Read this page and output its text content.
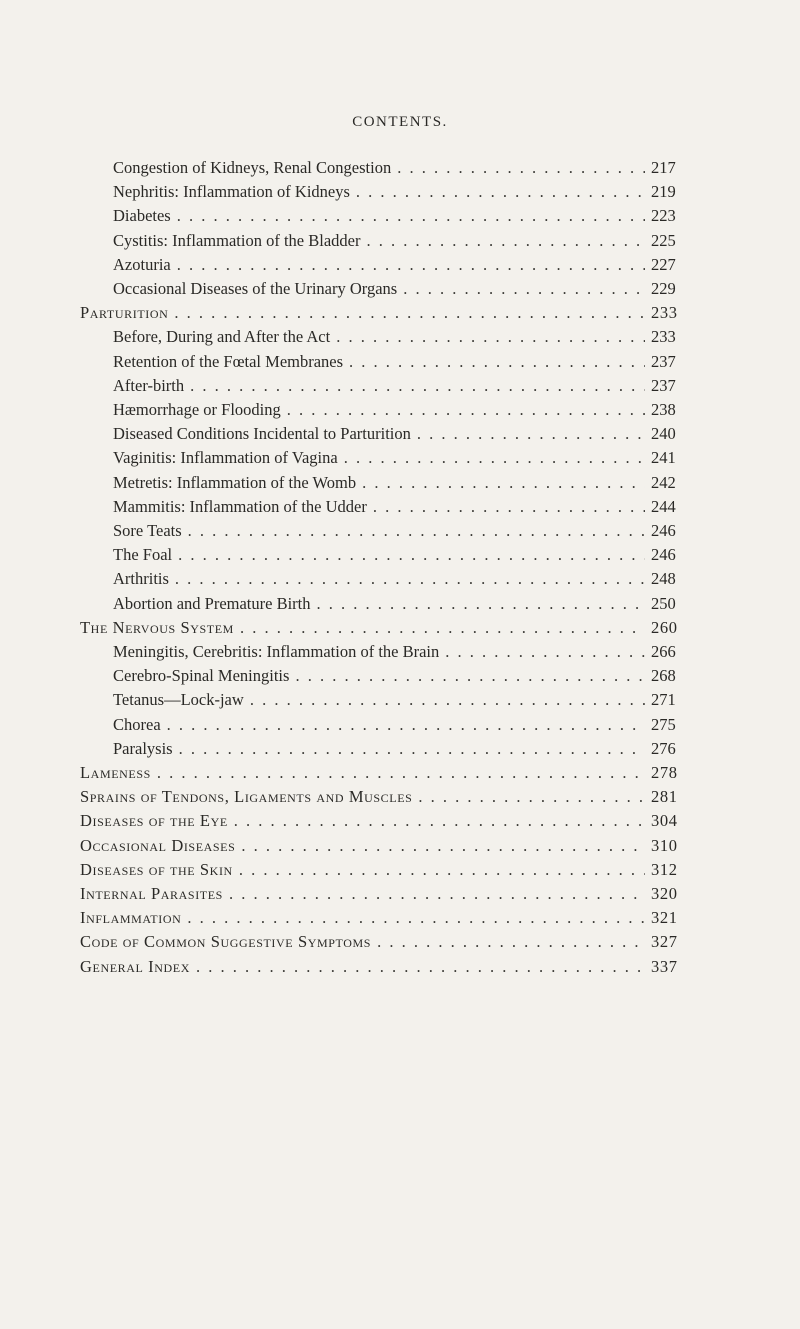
CONTENTS.
Congestion of Kidneys, Renal Congestion . . .	217
Nephritis: Inflammation of Kidneys . . .	219
Diabetes . . .	223
Cystitis: Inflammation of the Bladder . . .	225
Azoturia . . .	227
Occasional Diseases of the Urinary Organs . . .	229
Parturition . . .	233
Before, During and After the Act . . .	233
Retention of the Fœtal Membranes . . .	237
After-birth . . .	237
Hæmorrhage or Flooding . . .	238
Diseased Conditions Incidental to Parturition . . .	240
Vaginitis: Inflammation of Vagina . . .	241
Metretis: Inflammation of the Womb . . .	242
Mammitis: Inflammation of the Udder . . .	244
Sore Teats . . .	246
The Foal . . .	246
Arthritis . . .	248
Abortion and Premature Birth . . .	250
The Nervous System . . .	260
Meningitis, Cerebritis: Inflammation of the Brain . . .	266
Cerebro-Spinal Meningitis . . .	268
Tetanus—Lock-jaw . . .	271
Chorea . . .	275
Paralysis . . .	276
Lameness . . .	278
Sprains of Tendons, Ligaments and Muscles . . .	281
Diseases of the Eye . . .	304
Occasional Diseases . . .	310
Diseases of the Skin . . .	312
Internal Parasites . . .	320
Inflammation . . .	321
Code of Common Suggestive Symptoms . . .	327
General Index . . .	337
